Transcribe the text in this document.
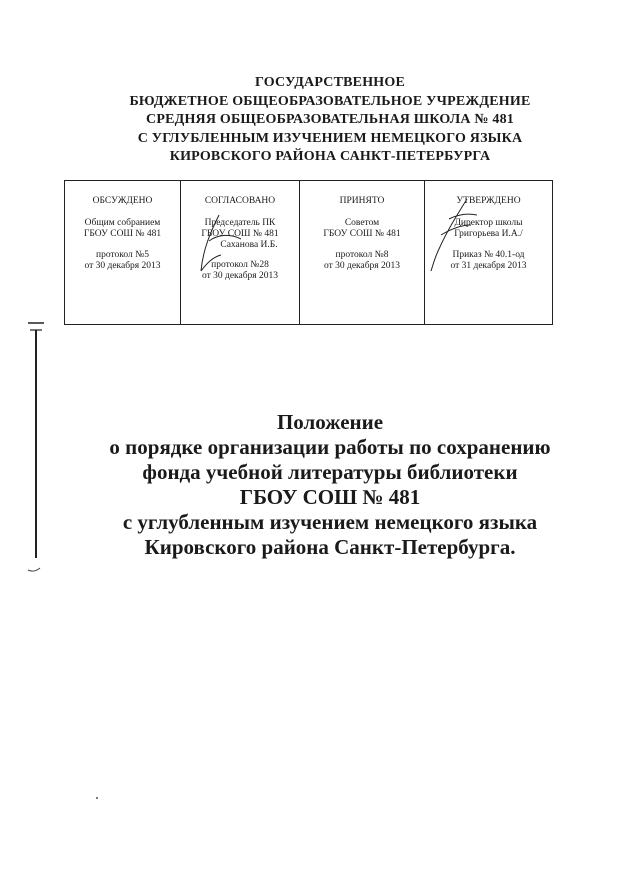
ГОСУДАРСТВЕННОЕ
БЮДЖЕТНОЕ ОБЩЕОБРАЗОВАТЕЛЬНОЕ УЧРЕЖДЕНИЕ
СРЕДНЯЯ ОБЩЕОБРАЗОВАТЕЛЬНАЯ ШКОЛА № 481
С УГЛУБЛЕННЫМ ИЗУЧЕНИЕМ НЕМЕЦКОГО ЯЗЫКА
КИРОВСКОГО РАЙОНА САНКТ-ПЕТЕРБУРГА
ОБСУЖДЕНО
Общим собранием
ГБОУ СОШ № 481
протокол №5
от 30 декабря 2013
СОГЛАСОВАНО
Председатель ПК
ГБОУ СОШ № 481
Саханова И.Б.
протокол №28
от 30 декабря 2013
ПРИНЯТО
Советом
ГБОУ СОШ № 481
протокол №8
от 30 декабря 2013
УТВЕРЖДЕНО
Директор школы
Григорьева И.А./
Приказ № 40.1-од
от 31 декабря 2013
Положение
о порядке организации работы по сохранению
фонда учебной литературы библиотеки
ГБОУ СОШ № 481
с углубленным изучением немецкого языка
Кировского района Санкт-Петербурга.
